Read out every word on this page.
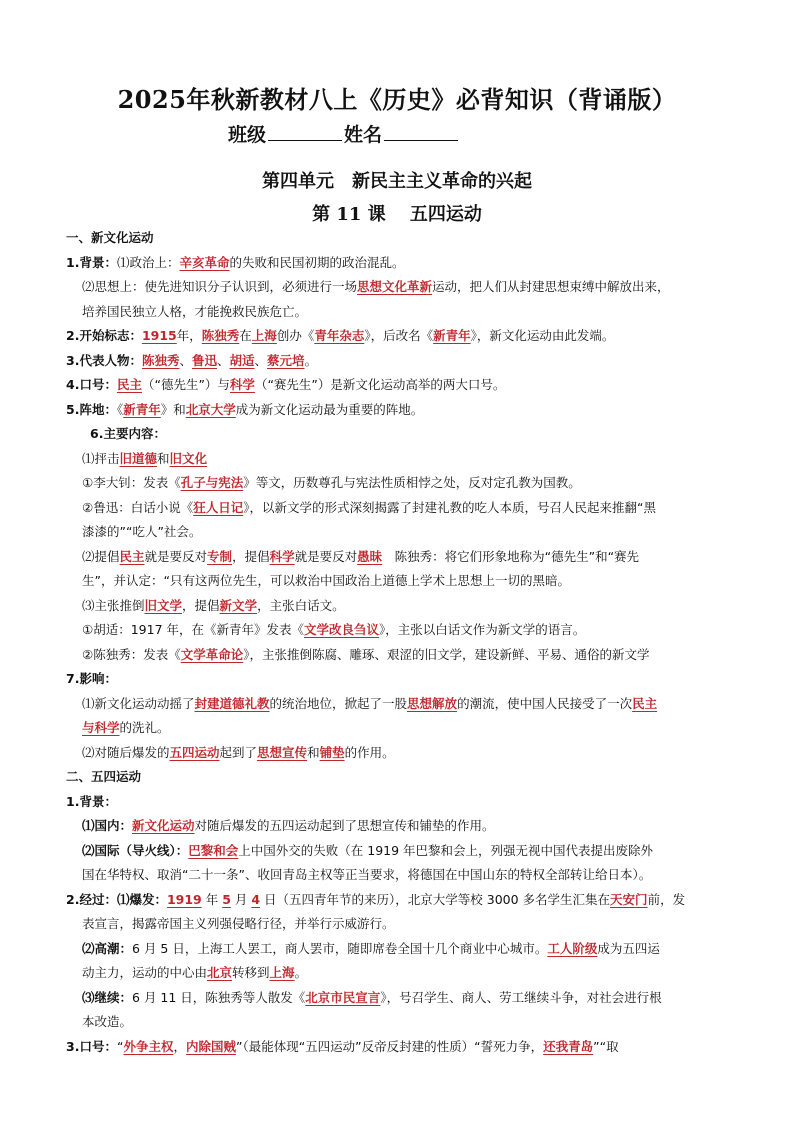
2025年秋新教材八上《历史》必背知识（背诵版）
班级	姓名
第四单元　新民主主义革命的兴起
第 11 课　 五四运动
一、新文化运动
1.背景：⑴政治上：辛亥革命的失败和民国初期的政治混乱。
⑵思想上：使先进知识分子认识到，必须进行一场思想文化革新运动，把人们从封建思想束缚中解放出来，
培养国民独立人格，才能挽救民族危亡。
2.开始标志：1915年，陈独秀在上海创办《青年杂志》，后改名《新青年》，新文化运动由此发端。
3.代表人物：陈独秀、鲁迅、胡适、蔡元培。
4.口号：民主（“德先生”）与科学（“赛先生”）是新文化运动高举的两大口号。
5.阵地：《新青年》和北京大学成为新文化运动最为重要的阵地。
6.主要内容：
⑴抨击旧道德和旧文化
①李大钊：发表《孔子与宪法》等文，历数尊孔与宪法性质相悖之处，反对定孔教为国教。
②鲁迅：白话小说《狂人日记》，以新文学的形式深刻揭露了封建礼教的吃人本质，号召人民起来推翻“黑
漆漆的”“吃人”社会。
⑵提倡民主就是要反对专制，提倡科学就是要反对愚昧　陈独秀：将它们形象地称为“德先生”和“赛先
生”，并认定：“只有这两位先生，可以救治中国政治上道德上学术上思想上一切的黑暗。
⑶主张推倒旧文学，提倡新文学，主张白话文。
①胡适：1917 年，在《新青年》发表《文学改良刍议》，主张以白话文作为新文学的语言。
②陈独秀：发表《文学革命论》，主张推倒陈腐、雕琢、艰涩的旧文学，建设新鲜、平易、通俗的新文学
7.影响：
⑴新文化运动动摇了封建道德礼教的统治地位，掀起了一股思想解放的潮流，使中国人民接受了一次民主
与科学的洗礼。
⑵对随后爆发的五四运动起到了思想宣传和铺垫的作用。
二、五四运动
1.背景：
⑴国内：新文化运动对随后爆发的五四运动起到了思想宣传和铺垫的作用。
⑵国际（导火线）：巴黎和会上中国外交的失败（在 1919 年巴黎和会上，列强无视中国代表提出废除外
国在华特权、取消“二十一条”、收回青岛主权等正当要求，将德国在中国山东的特权全部转让给日本）。
2.经过：⑴爆发：1919 年 5 月 4 日（五四青年节的来历），北京大学等校 3000 多名学生汇集在天安门前，发
表宣言，揭露帝国主义列强侵略行径，并举行示威游行。
⑵高潮：6 月 5 日，上海工人罢工，商人罢市，随即席卷全国十几个商业中心城市。工人阶级成为五四运
动主力，运动的中心由北京转移到上海。
⑶继续：6 月 11 日，陈独秀等人散发《北京市民宣言》，号召学生、商人、劳工继续斗争，对社会进行根
本改造。
3.口号：“外争主权，内除国贼”（最能体现“五四运动”反帝反封建的性质）“誓死力争，还我青岛”“取
